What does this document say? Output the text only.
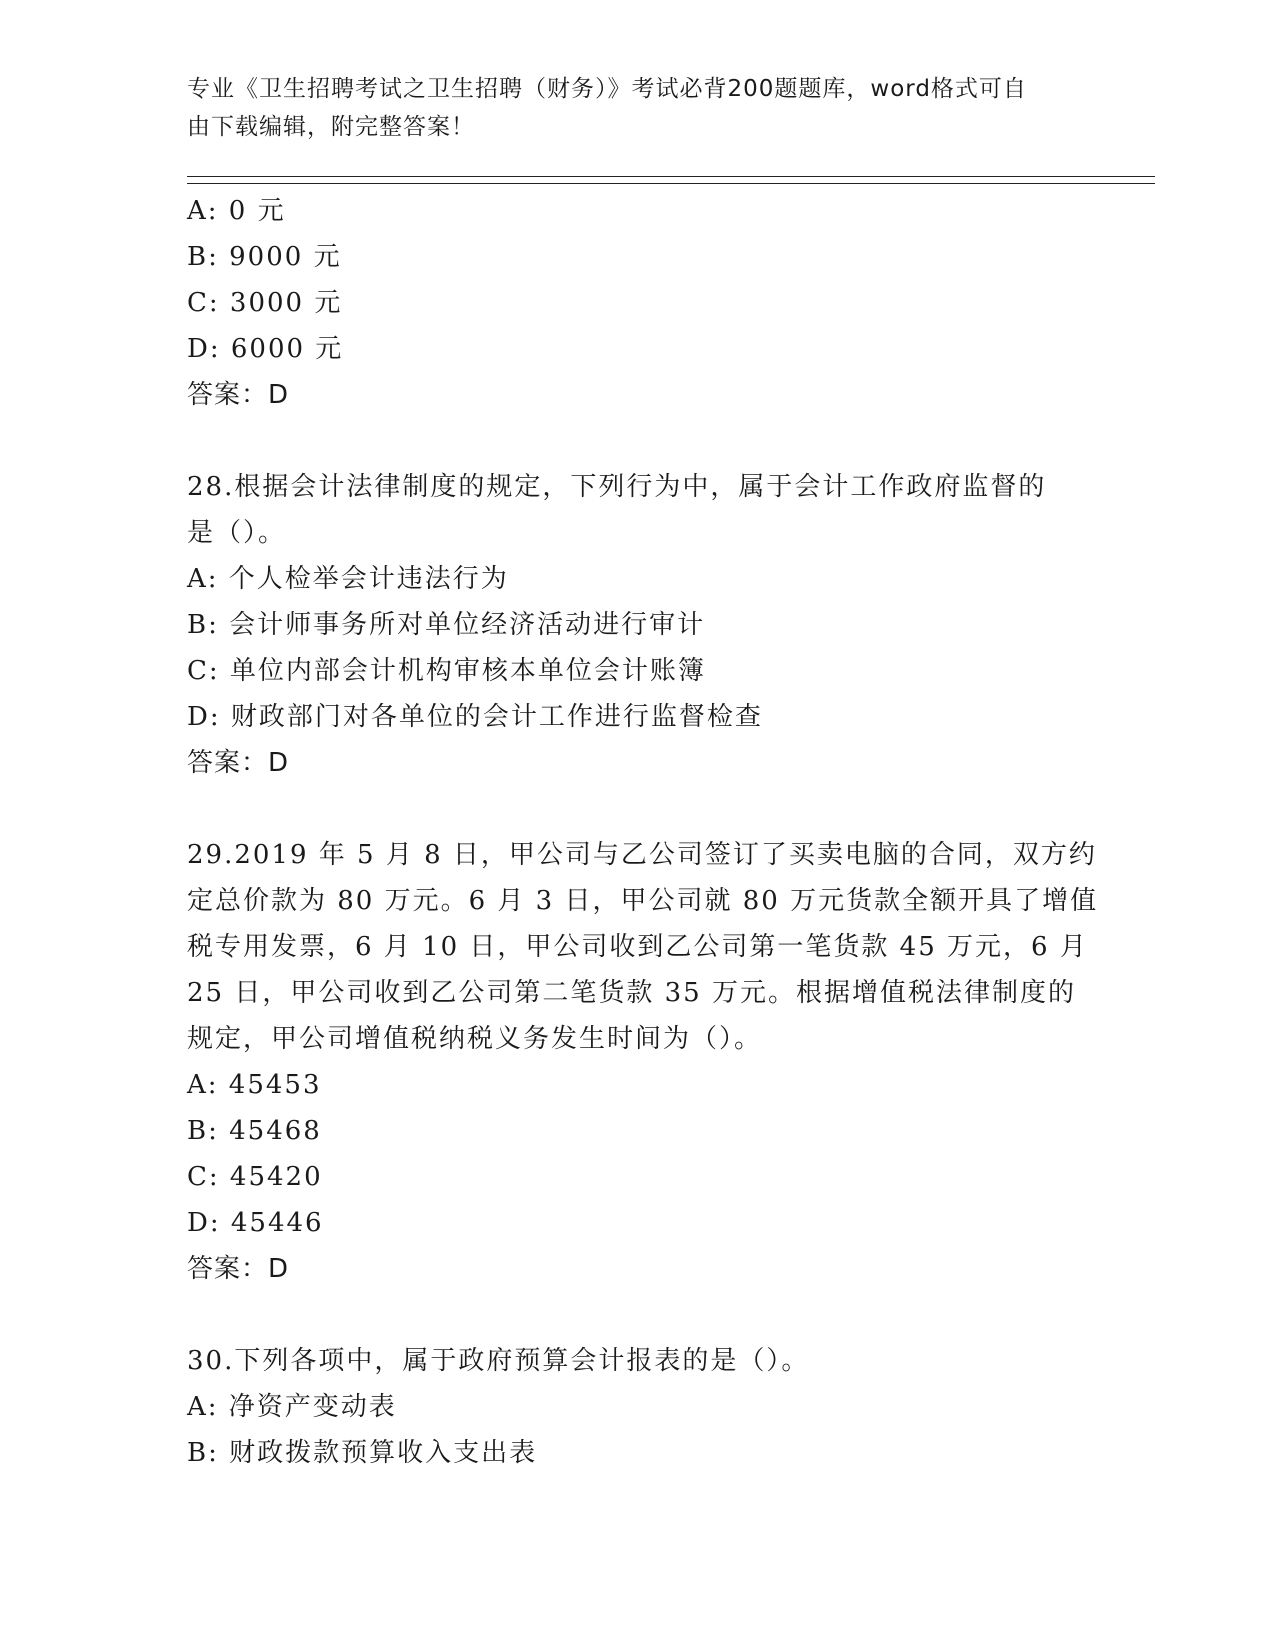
专业《卫生招聘考试之卫生招聘（财务）》考试必背200题题库，word格式可自
由下载编辑，附完整答案！
A: 0 元
B: 9000 元
C: 3000 元
D: 6000 元
答案：D
28.根据会计法律制度的规定，下列行为中，属于会计工作政府监督的
是（）。
A: 个人检举会计违法行为
B: 会计师事务所对单位经济活动进行审计
C: 单位内部会计机构审核本单位会计账簿
D: 财政部门对各单位的会计工作进行监督检查
答案：D
29.2019 年 5 月 8 日，甲公司与乙公司签订了买卖电脑的合同，双方约
定总价款为 80 万元。6 月 3 日，甲公司就 80 万元货款全额开具了增值
税专用发票，6 月 10 日，甲公司收到乙公司第一笔货款 45 万元，6 月
25 日，甲公司收到乙公司第二笔货款 35 万元。根据增值税法律制度的
规定，甲公司增值税纳税义务发生时间为（）。
A: 45453
B: 45468
C: 45420
D: 45446
答案：D
30.下列各项中，属于政府预算会计报表的是（）。
A: 净资产变动表
B: 财政拨款预算收入支出表
